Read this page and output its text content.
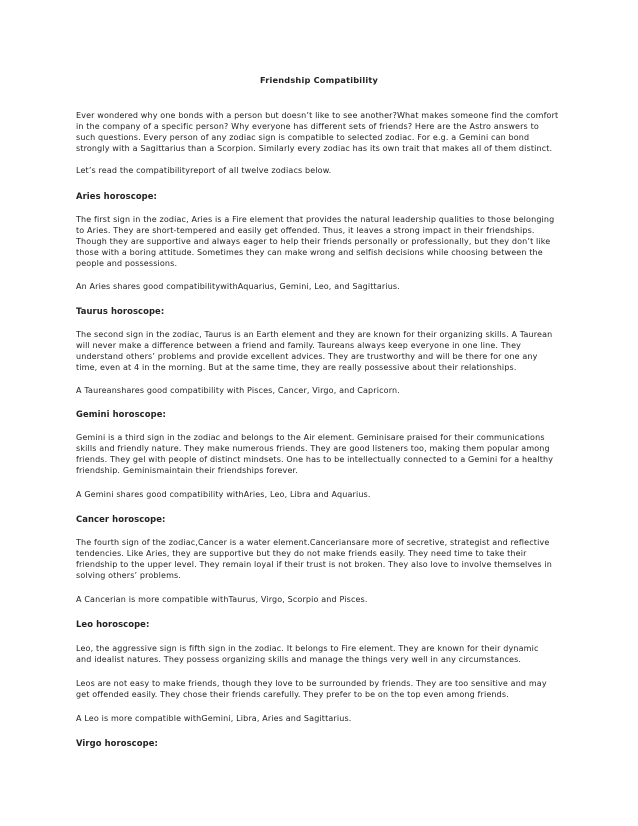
Friendship Compatibility
Ever wondered why one bonds with a person but doesn’t like to see another?What makes someone find the comfort
in the company of a specific person? Why everyone has different sets of friends? Here are the Astro answers to
such questions. Every person of any zodiac sign is compatible to selected zodiac. For e.g. a Gemini can bond
strongly with a Sagittarius than a Scorpion. Similarly every zodiac has its own trait that makes all of them distinct.
Let’s read the compatibilityreport of all twelve zodiacs below.
Aries horoscope:
The first sign in the zodiac, Aries is a Fire element that provides the natural leadership qualities to those belonging
to Aries. They are short-tempered and easily get offended. Thus, it leaves a strong impact in their friendships.
Though they are supportive and always eager to help their friends personally or professionally, but they don’t like
those with a boring attitude. Sometimes they can make wrong and selfish decisions while choosing between the
people and possessions.
An Aries shares good compatibilitywithAquarius, Gemini, Leo, and Sagittarius.
Taurus horoscope:
The second sign in the zodiac, Taurus is an Earth element and they are known for their organizing skills. A Taurean
will never make a difference between a friend and family. Taureans always keep everyone in one line. They
understand others’ problems and provide excellent advices. They are trustworthy and will be there for one any
time, even at 4 in the morning. But at the same time, they are really possessive about their relationships.
A Taureanshares good compatibility with Pisces, Cancer, Virgo, and Capricorn.
Gemini horoscope:
Gemini is a third sign in the zodiac and belongs to the Air element. Geminisare praised for their communications
skills and friendly nature. They make numerous friends. They are good listeners too, making them popular among
friends. They gel with people of distinct mindsets. One has to be intellectually connected to a Gemini for a healthy
friendship. Geminismaintain their friendships forever.
A Gemini shares good compatibility withAries, Leo, Libra and Aquarius.
Cancer horoscope:
The fourth sign of the zodiac,Cancer is a water element.Canceriansare more of secretive, strategist and reflective
tendencies. Like Aries, they are supportive but they do not make friends easily. They need time to take their
friendship to the upper level. They remain loyal if their trust is not broken. They also love to involve themselves in
solving others’ problems.
A Cancerian is more compatible withTaurus, Virgo, Scorpio and Pisces.
Leo horoscope:
Leo, the aggressive sign is fifth sign in the zodiac. It belongs to Fire element. They are known for their dynamic
and idealist natures. They possess organizing skills and manage the things very well in any circumstances.
Leos are not easy to make friends, though they love to be surrounded by friends. They are too sensitive and may
get offended easily. They chose their friends carefully. They prefer to be on the top even among friends.
A Leo is more compatible withGemini, Libra, Aries and Sagittarius.
Virgo horoscope:
